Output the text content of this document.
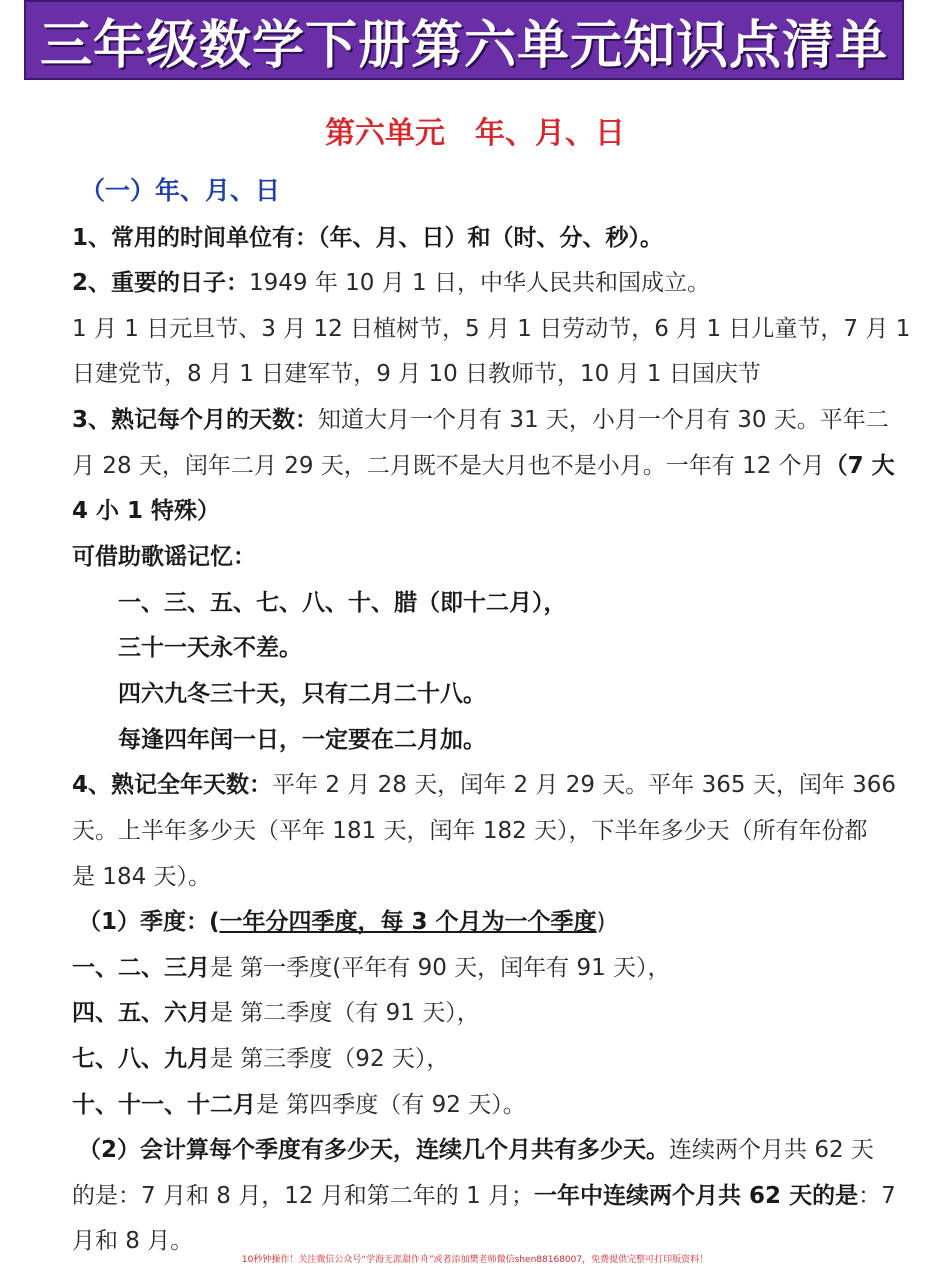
三年级数学下册第六单元知识点清单
第六单元　年、月、日
（一）年、月、日
1、常用的时间单位有：（年、月、日）和（时、分、秒）。
2、重要的日子：1949 年 10 月 1 日，中华人民共和国成立。
1 月 1 日元旦节、3 月 12 日植树节，5 月 1 日劳动节，6 月 1 日儿童节，7 月 1
日建党节，8 月 1 日建军节，9 月 10 日教师节，10 月 1 日国庆节
3、熟记每个月的天数：知道大月一个月有 31 天，小月一个月有 30 天。平年二
月 28 天，闰年二月 29 天，二月既不是大月也不是小月。一年有 12 个月（7 大
4 小 1 特殊）
可借助歌谣记忆：
一、三、五、七、八、十、腊（即十二月），
三十一天永不差。
四六九冬三十天，只有二月二十八。
每逢四年闰一日，一定要在二月加。
4、熟记全年天数：平年 2 月 28 天，闰年 2 月 29 天。平年 365 天，闰年 366
天。上半年多少天（平年 181 天，闰年 182 天），下半年多少天（所有年份都
是 184 天）。
（1）季度：(一年分四季度，每 3 个月为一个季度)
一、二、三月是 第一季度(平年有 90 天，闰年有 91 天），
四、五、六月是 第二季度（有 91 天），
七、八、九月是 第三季度（92 天），
十、十一、十二月是 第四季度（有 92 天）。
（2）会计算每个季度有多少天，连续几个月共有多少天。连续两个月共 62 天
的是：7 月和 8 月，12 月和第二年的 1 月；一年中连续两个月共 62 天的是：7
月和 8 月。
10秒钟操作！关注微信公众号“学海无涯甜作舟”或者添加樊老师微信shen88168007，免费提供完整可打印版资料！
